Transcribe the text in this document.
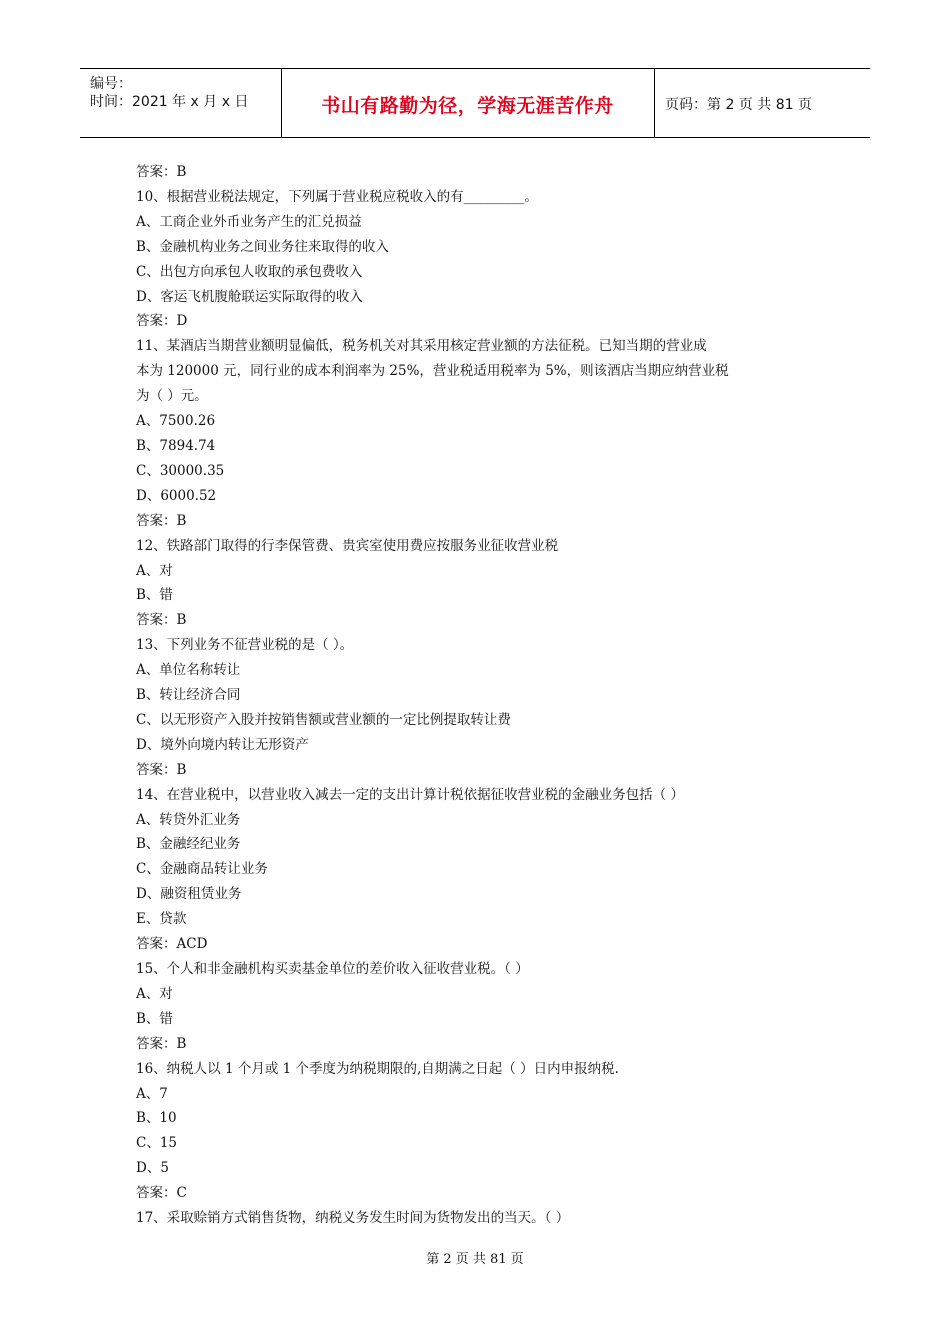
编号：
时间：2021 年 x 月 x 日	书山有路勤为径，学海无涯苦作舟	页码：第 2 页 共 81 页
答案：B
10、根据营业税法规定，下列属于营业税应税收入的有_________。
A、工商企业外币业务产生的汇兑损益
B、金融机构业务之间业务往来取得的收入
C、出包方向承包人收取的承包费收入
D、客运飞机腹舱联运实际取得的收入
答案：D
11、某酒店当期营业额明显偏低，税务机关对其采用核定营业额的方法征税。已知当期的营业成
本为 120000 元，同行业的成本利润率为 25%，营业税适用税率为 5%，则该酒店当期应纳营业税
为（ ）元。
A、7500.26
B、7894.74
C、30000.35
D、6000.52
答案：B
12、铁路部门取得的行李保管费、贵宾室使用费应按服务业征收营业税
A、对
B、错
答案：B
13、下列业务不征营业税的是（ ）。
A、单位名称转让
B、转让经济合同
C、以无形资产入股并按销售额或营业额的一定比例提取转让费
D、境外向境内转让无形资产
答案：B
14、在营业税中，以营业收入减去一定的支出计算计税依据征收营业税的金融业务包括（ ）
A、转贷外汇业务
B、金融经纪业务
C、金融商品转让业务
D、融资租赁业务
E、贷款
答案：ACD
15、个人和非金融机构买卖基金单位的差价收入征收营业税。（ ）
A、对
B、错
答案：B
16、纳税人以 1 个月或 1 个季度为纳税期限的,自期满之日起（ ）日内申报纳税.
A、7
B、10
C、15
D、5
答案：C
17、采取赊销方式销售货物，纳税义务发生时间为货物发出的当天。（ ）
第 2 页 共 81 页
